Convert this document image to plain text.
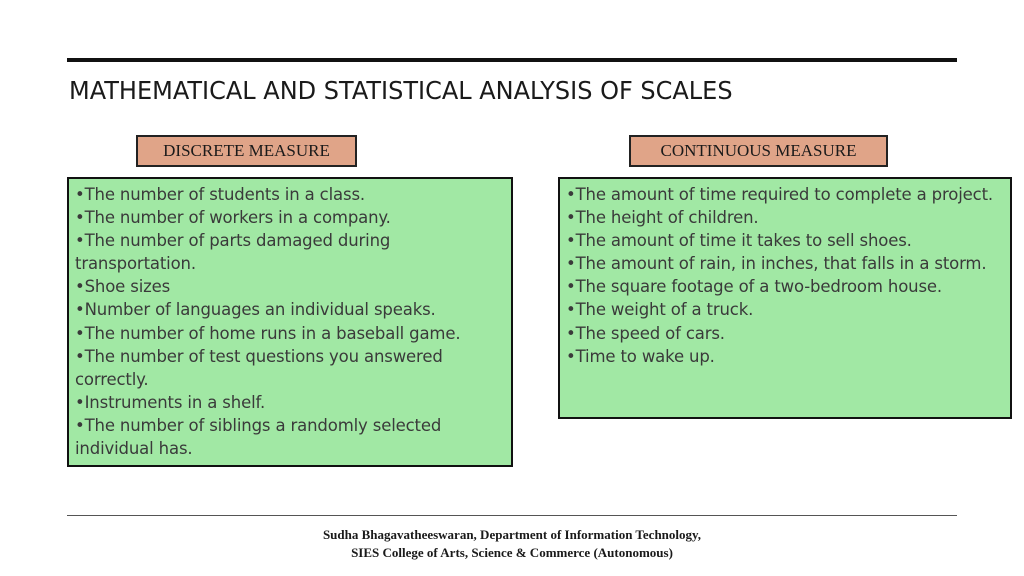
MATHEMATICAL AND STATISTICAL ANALYSIS OF SCALES
DISCRETE MEASURE	CONTINUOUS MEASURE
• The number of students in a class.
• The number of workers in a company.
• The number of parts damaged during transportation.
• Shoe sizes
• Number of languages an individual speaks.
• The number of home runs in a baseball game.
• The number of test questions you answered correctly.
• Instruments in a shelf.
• The number of siblings a randomly selected individual has.
• The amount of time required to complete a project.
• The height of children.
• The amount of time it takes to sell shoes.
• The amount of rain, in inches, that falls in a storm.
• The square footage of a two-bedroom house.
• The weight of a truck.
• The speed of cars.
• Time to wake up.
Sudha Bhagavatheeswaran, Department of Information Technology,
SIES College of Arts, Science & Commerce (Autonomous)
